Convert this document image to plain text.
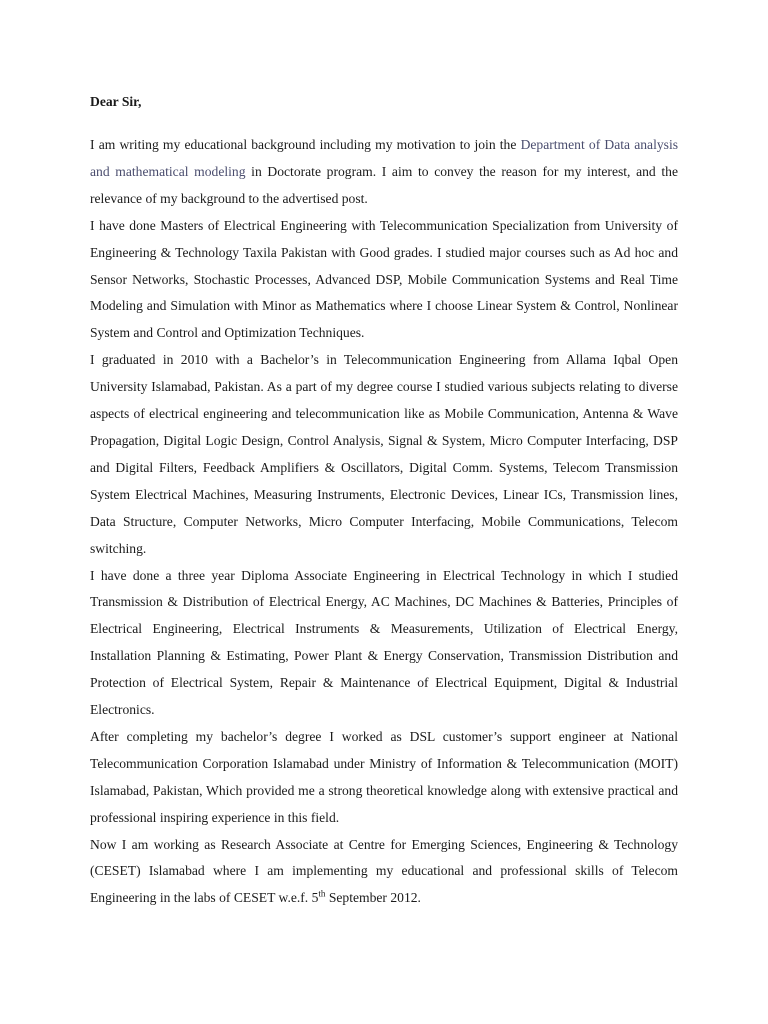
Dear Sir,

I am writing my educational background including my motivation to join the Department of Data analysis and mathematical modeling in Doctorate program. I aim to convey the reason for my interest, and the relevance of my background to the advertised post.

I have done Masters of Electrical Engineering with Telecommunication Specialization from University of Engineering & Technology Taxila Pakistan with Good grades. I studied major courses such as Ad hoc and Sensor Networks, Stochastic Processes, Advanced DSP, Mobile Communication Systems and Real Time Modeling and Simulation with Minor as Mathematics where I choose Linear System & Control, Nonlinear System and Control and Optimization Techniques.

I graduated in 2010 with a Bachelor’s in Telecommunication Engineering from Allama Iqbal Open University Islamabad, Pakistan. As a part of my degree course I studied various subjects relating to diverse aspects of electrical engineering and telecommunication like as Mobile Communication, Antenna & Wave Propagation, Digital Logic Design, Control Analysis, Signal & System, Micro Computer Interfacing, DSP and Digital Filters, Feedback Amplifiers & Oscillators, Digital Comm. Systems, Telecom Transmission System Electrical Machines, Measuring Instruments, Electronic Devices, Linear ICs, Transmission lines, Data Structure, Computer Networks, Micro Computer Interfacing, Mobile Communications, Telecom switching.

I have done a three year Diploma Associate Engineering in Electrical Technology in which I studied Transmission & Distribution of Electrical Energy, AC Machines, DC Machines & Batteries, Principles of Electrical Engineering, Electrical Instruments & Measurements, Utilization of Electrical Energy, Installation Planning & Estimating, Power Plant & Energy Conservation, Transmission Distribution and Protection of Electrical System, Repair & Maintenance of Electrical Equipment, Digital & Industrial Electronics.

After completing my bachelor’s degree I worked as DSL customer’s support engineer at National Telecommunication Corporation Islamabad under Ministry of Information & Telecommunication (MOIT) Islamabad, Pakistan, Which provided me a strong theoretical knowledge along with extensive practical and professional inspiring experience in this field.

Now I am working as Research Associate at Centre for Emerging Sciences, Engineering & Technology (CESET) Islamabad where I am implementing my educational and professional skills of Telecom Engineering in the labs of CESET w.e.f. 5th September 2012.
